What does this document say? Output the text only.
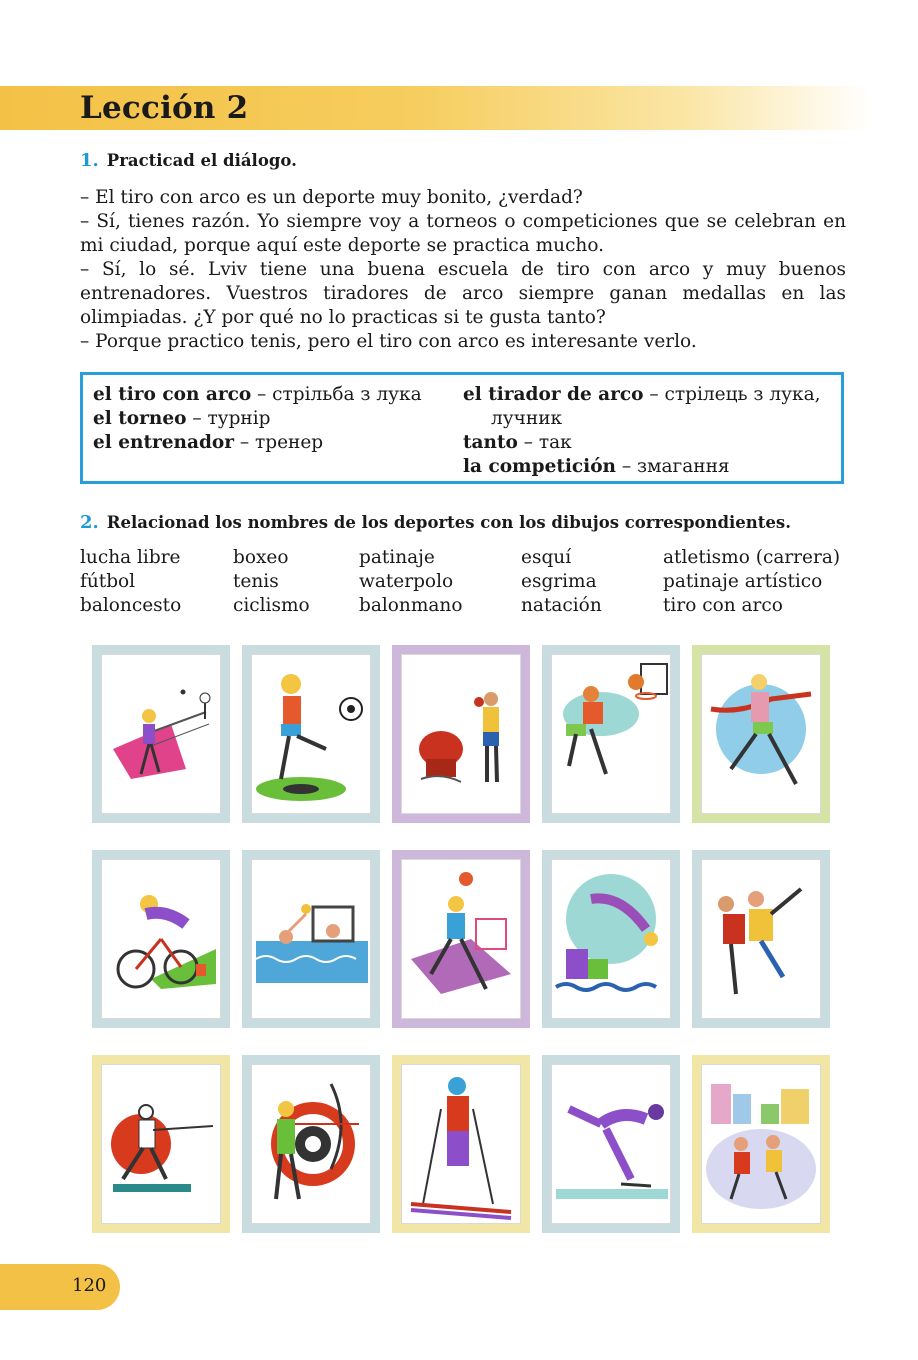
Lección 2
1. Practicad el diálogo.

– El tiro con arco es un deporte muy bonito, ¿verdad?

– Sí, tienes razón. Yo siempre voy a torneos o competiciones que se celebran en mi ciudad, porque aquí este deporte se practica mucho.

– Sí, lo sé. Lviv tiene una buena escuela de tiro con arco y muy buenos entrenadores. Vuestros tiradores de arco siempre ganan medallas en las olimpiadas. ¿Y por qué no lo practicas si te gusta tanto?

– Porque practico tenis, pero el tiro con arco es interesante verlo.

el tiro con arco – стрільба з лука
el torneo – турнір
el entrenador – тренер
el tirador de arco – стрілець з лука,
лучник
tanto – так
la competición – змагання
2. Relacionad los nombres de los deportes con los dibujos correspondientes.
lucha libre
fútbol
baloncesto
boxeo
tenis
ciclismo
patinaje
waterpolo
balonmano
esquí
esgrima
natación
atletismo (carrera)
patinaje artístico
tiro con arco
120
